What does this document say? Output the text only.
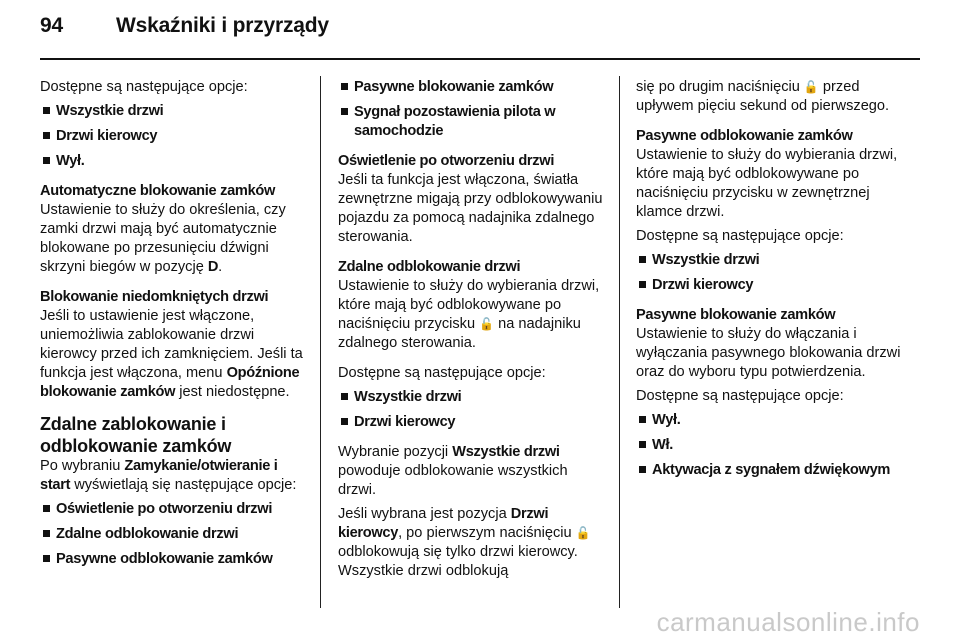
94	Wskaźniki i przyrządy

Dostępne są następujące opcje:

Wszystkie drzwi
Drzwi kierowcy
Wył.
Automatyczne blokowanie zamków

Ustawienie to służy do określenia, czy zamki drzwi mają być automatycznie blokowane po przesunięciu dźwigni skrzyni biegów w pozycję D.

Blokowanie niedomkniętych drzwi

Jeśli to ustawienie jest włączone, uniemożliwia zablokowanie drzwi kierowcy przed ich zamknięciem. Jeśli ta funkcja jest włączona, menu Opóźnione blokowanie zamków jest niedostępne.

Zdalne zablokowanie i odblokowanie zamków

Po wybraniu Zamykanie/otwieranie i start wyświetlają się następujące opcje:

Oświetlenie po otworzeniu drzwi
Zdalne odblokowanie drzwi
Pasywne odblokowanie zamków
Pasywne blokowanie zamków
Sygnał pozostawienia pilota w samochodzie
Oświetlenie po otworzeniu drzwi

Jeśli ta funkcja jest włączona, światła zewnętrzne migają przy odblokowywaniu pojazdu za pomocą nadajnika zdalnego sterowania.

Zdalne odblokowanie drzwi

Ustawienie to służy do wybierania drzwi, które mają być odblokowywane po naciśnięciu przycisku 🔓 na nadajniku zdalnego sterowania.

Dostępne są następujące opcje:

Wszystkie drzwi
Drzwi kierowcy

Wybranie pozycji Wszystkie drzwi powoduje odblokowanie wszystkich drzwi.

Jeśli wybrana jest pozycja Drzwi kierowcy, po pierwszym naciśnięciu 🔓 odblokowują się tylko drzwi kierowcy. Wszystkie drzwi odblokują

się po drugim naciśnięciu 🔓 przed upływem pięciu sekund od pierwszego.

Pasywne odblokowanie zamków

Ustawienie to służy do wybierania drzwi, które mają być odblokowywane po naciśnięciu przycisku w zewnętrznej klamce drzwi.

Dostępne są następujące opcje:

Wszystkie drzwi
Drzwi kierowcy
Pasywne blokowanie zamków

Ustawienie to służy do włączania i wyłączania pasywnego blokowania drzwi oraz do wyboru typu potwierdzenia.

Dostępne są następujące opcje:

Wył.
Wł.
Aktywacja z sygnałem dźwiękowym
carmanualsonline.info
